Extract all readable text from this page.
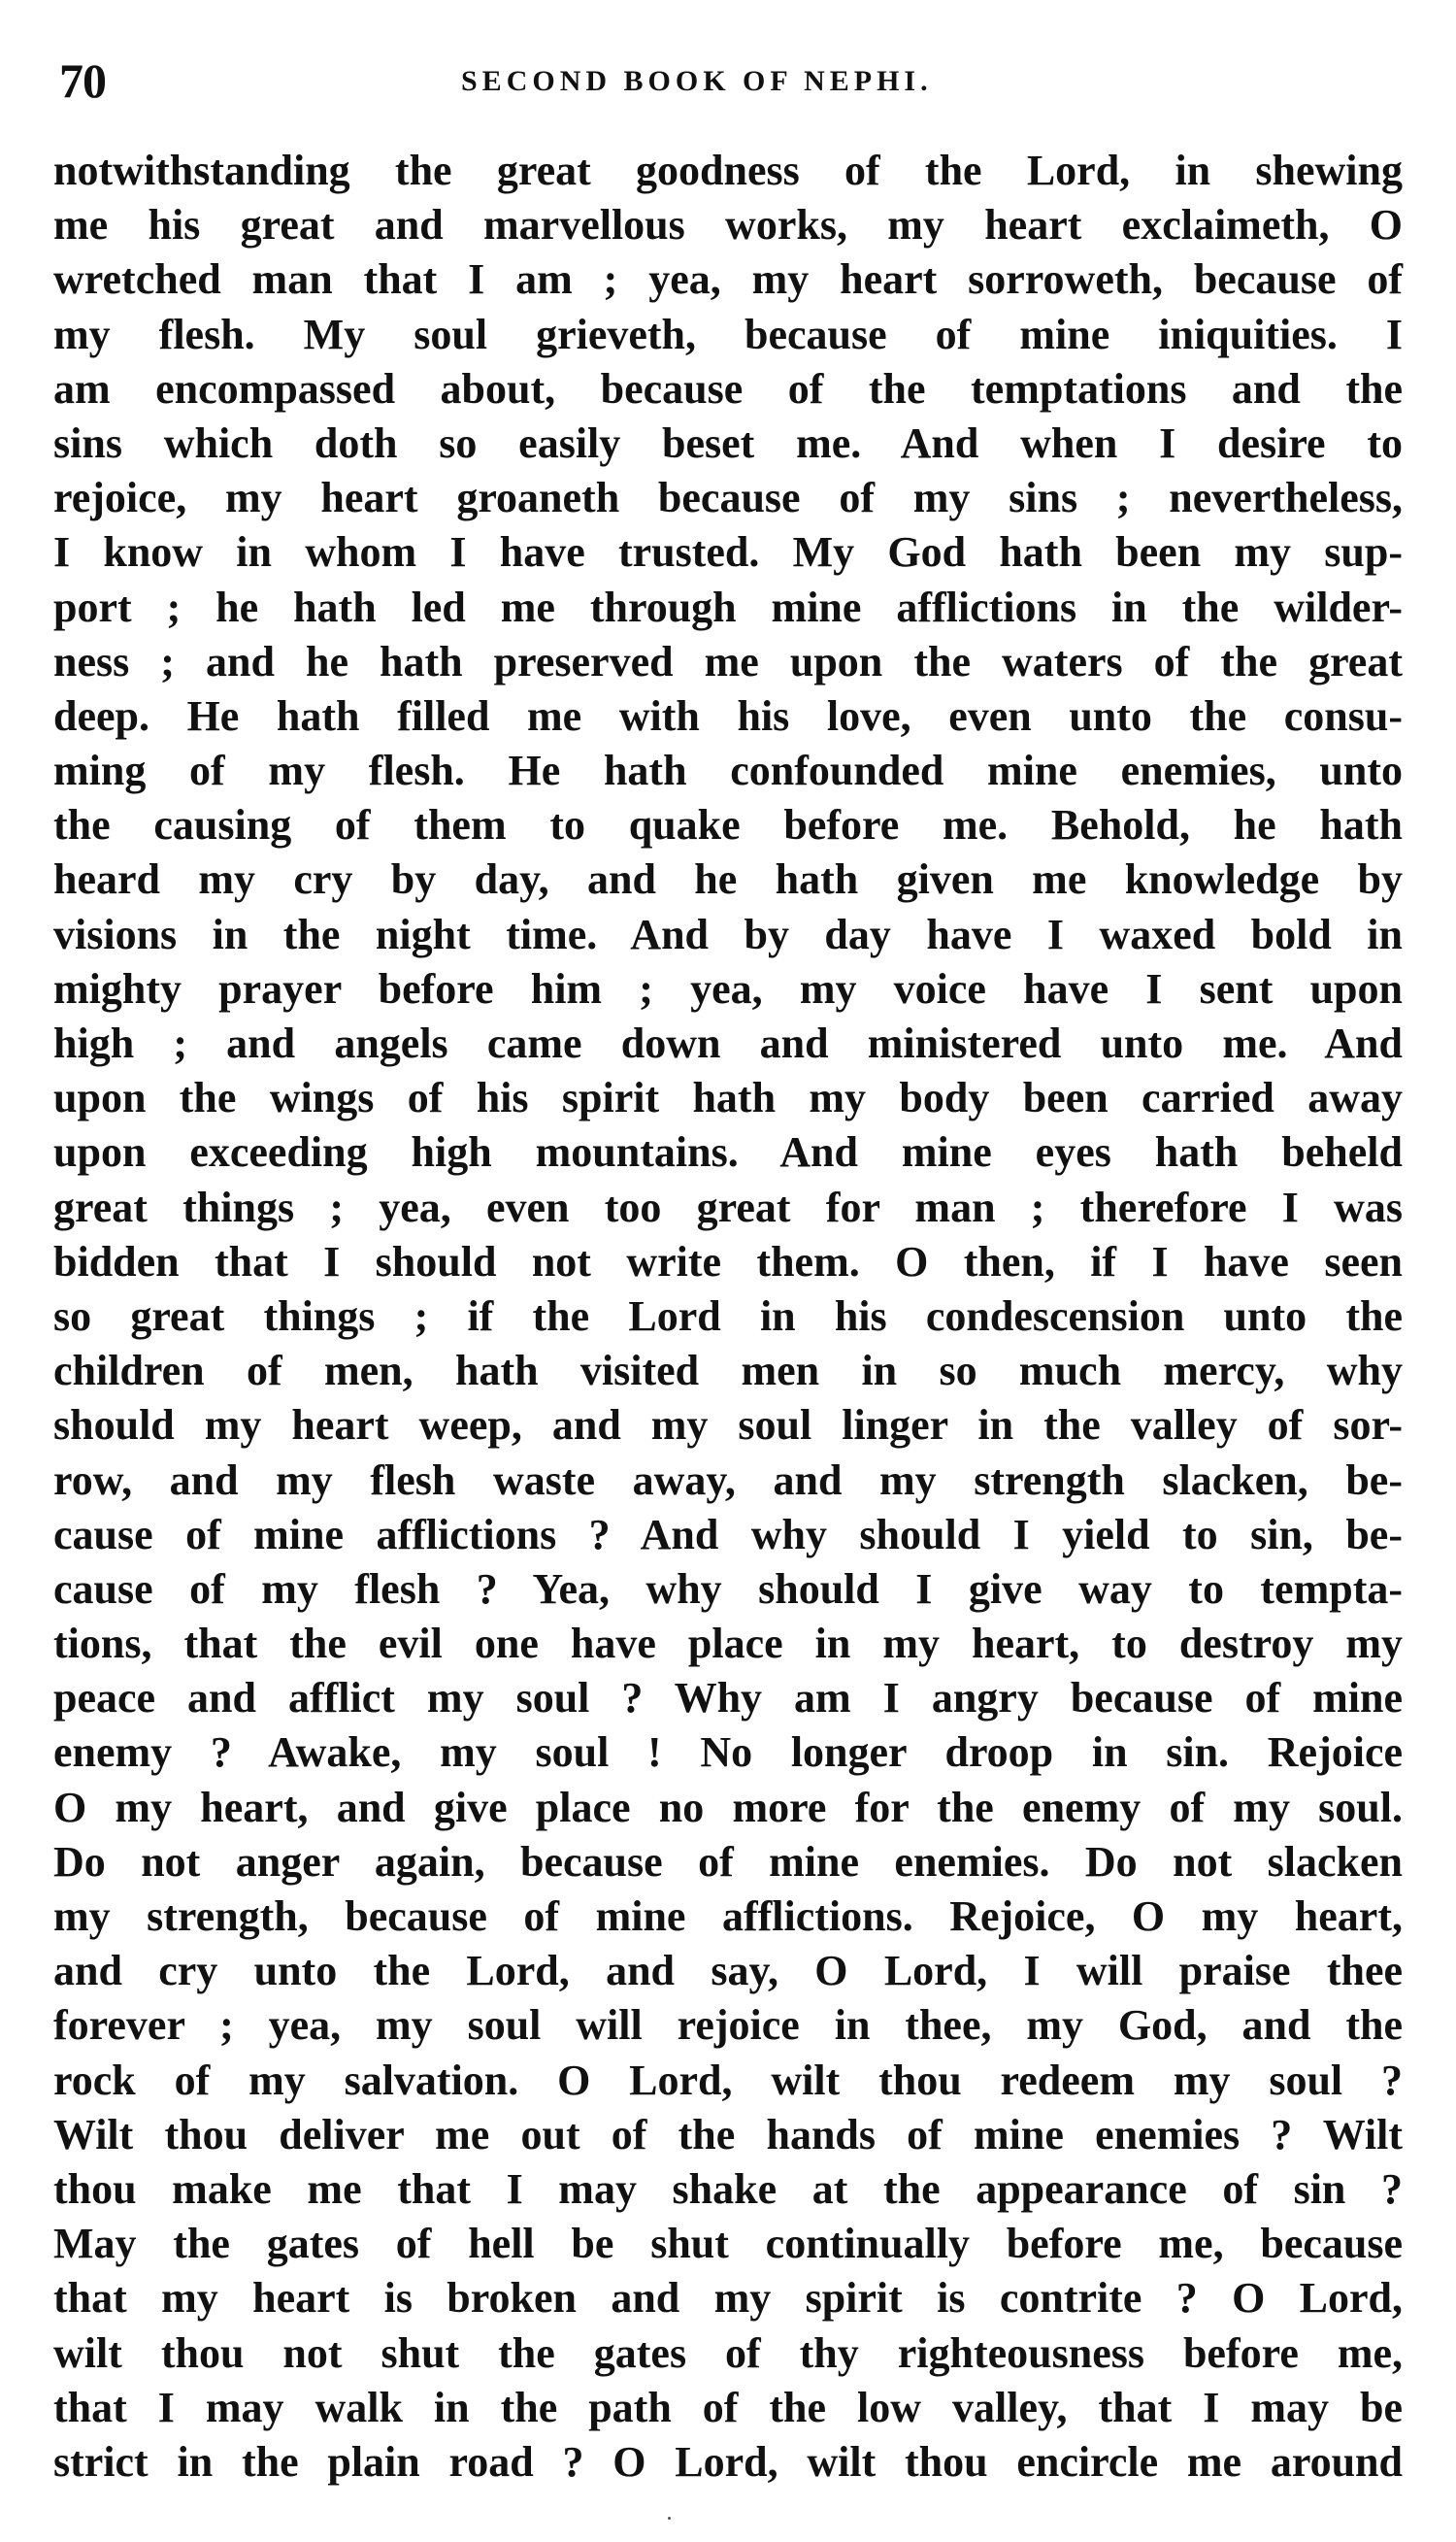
70	SECOND BOOK OF NEPHI.
notwithstanding the great goodness of the Lord, in shewing
me his great and marvellous works, my heart exclaimeth, O
wretched man that I am ; yea, my heart sorroweth, because of
my flesh. My soul grieveth, because of mine iniquities. I
am encompassed about, because of the temptations and the
sins which doth so easily beset me. And when I desire to
rejoice, my heart groaneth because of my sins ; nevertheless,
I know in whom I have trusted. My God hath been my sup-
port ; he hath led me through mine afflictions in the wilder-
ness ; and he hath preserved me upon the waters of the great
deep. He hath filled me with his love, even unto the consu-
ming of my flesh. He hath confounded mine enemies, unto
the causing of them to quake before me. Behold, he hath
heard my cry by day, and he hath given me knowledge by
visions in the night time. And by day have I waxed bold in
mighty prayer before him ; yea, my voice have I sent upon
high ; and angels came down and ministered unto me. And
upon the wings of his spirit hath my body been carried away
upon exceeding high mountains. And mine eyes hath beheld
great things ; yea, even too great for man ; therefore I was
bidden that I should not write them. O then, if I have seen
so great things ; if the Lord in his condescension unto the
children of men, hath visited men in so much mercy, why
should my heart weep, and my soul linger in the valley of sor-
row, and my flesh waste away, and my strength slacken, be-
cause of mine afflictions ? And why should I yield to sin, be-
cause of my flesh ? Yea, why should I give way to tempta-
tions, that the evil one have place in my heart, to destroy my
peace and afflict my soul ? Why am I angry because of mine
enemy ? Awake, my soul ! No longer droop in sin. Rejoice
O my heart, and give place no more for the enemy of my soul.
Do not anger again, because of mine enemies. Do not slacken
my strength, because of mine afflictions. Rejoice, O my heart,
and cry unto the Lord, and say, O Lord, I will praise thee
forever ; yea, my soul will rejoice in thee, my God, and the
rock of my salvation. O Lord, wilt thou redeem my soul ?
Wilt thou deliver me out of the hands of mine enemies ? Wilt
thou make me that I may shake at the appearance of sin ?
May the gates of hell be shut continually before me, because
that my heart is broken and my spirit is contrite ? O Lord,
wilt thou not shut the gates of thy righteousness before me,
that I may walk in the path of the low valley, that I may be
strict in the plain road ? O Lord, wilt thou encircle me around
